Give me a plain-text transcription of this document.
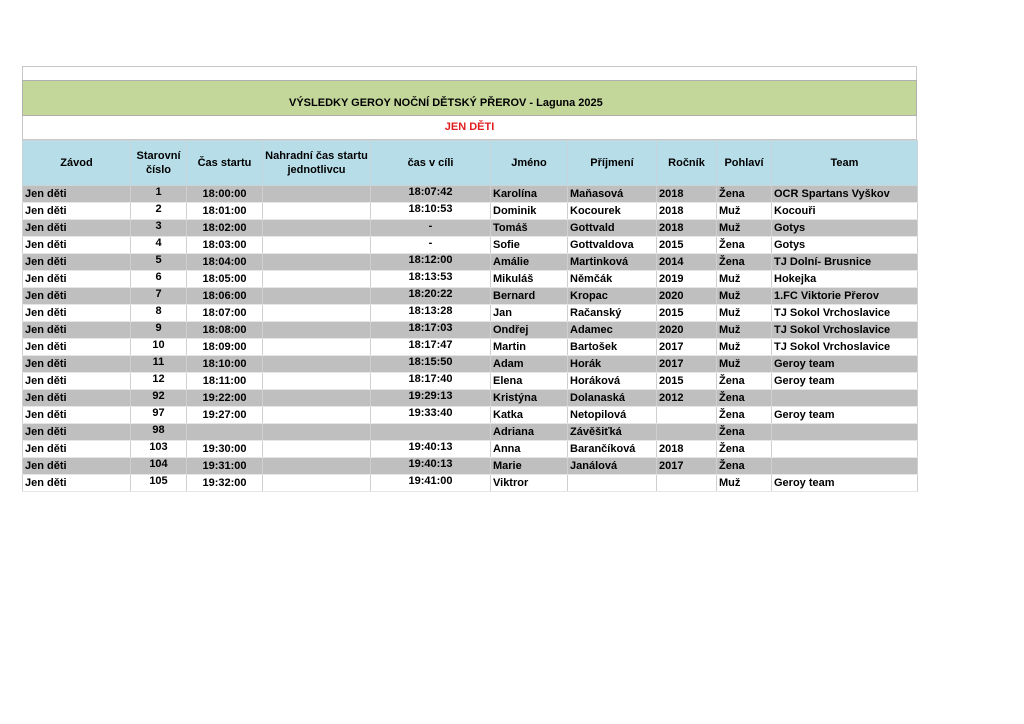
VÝSLEDKY GEROY NOČNÍ DĚTSKÝ PŘEROV - Laguna 2025
JEN DĚTI
Závod	Starovní číslo	Čas startu	Nahradní čas startu jednotlivcu	čas v cíli	Jméno	Příjmení	Ročník	Pohlaví	Team
Jen děti	1	18:00:00		18:07:42	Karolína	Maňasová	2018	Žena	OCR Spartans Vyškov
Jen děti	2	18:01:00		18:10:53	Dominik	Kocourek	2018	Muž	Kocouři
Jen děti	3	18:02:00		-	Tomáš	Gottvald	2018	Muž	Gotys
Jen děti	4	18:03:00		-	Sofie	Gottvaldova	2015	Žena	Gotys
Jen děti	5	18:04:00		18:12:00	Amálie	Martinková	2014	Žena	TJ Dolní- Brusnice
Jen děti	6	18:05:00		18:13:53	Mikuláš	Němčák	2019	Muž	Hokejka
Jen děti	7	18:06:00		18:20:22	Bernard	Kropac	2020	Muž	1.FC Viktorie Přerov
Jen děti	8	18:07:00		18:13:28	Jan	Račanský	2015	Muž	TJ Sokol Vrchoslavice
Jen děti	9	18:08:00		18:17:03	Ondřej	Adamec	2020	Muž	TJ Sokol Vrchoslavice
Jen děti	10	18:09:00		18:17:47	Martin	Bartošek	2017	Muž	TJ Sokol Vrchoslavice
Jen děti	11	18:10:00		18:15:50	Adam	Horák	2017	Muž	Geroy team
Jen děti	12	18:11:00		18:17:40	Elena	Horáková	2015	Žena	Geroy team
Jen děti	92	19:22:00		19:29:13	Kristýna	Dolanaská	2012	Žena	
Jen děti	97	19:27:00		19:33:40	Katka	Netopilová		Žena	Geroy team
Jen děti	98				Adriana	Závěšiťká		Žena	
Jen děti	103	19:30:00		19:40:13	Anna	Barančíková	2018	Žena	
Jen děti	104	19:31:00		19:40:13	Marie	Janálová	2017	Žena	
Jen děti	105	19:32:00		19:41:00	Viktror			Muž	Geroy team
